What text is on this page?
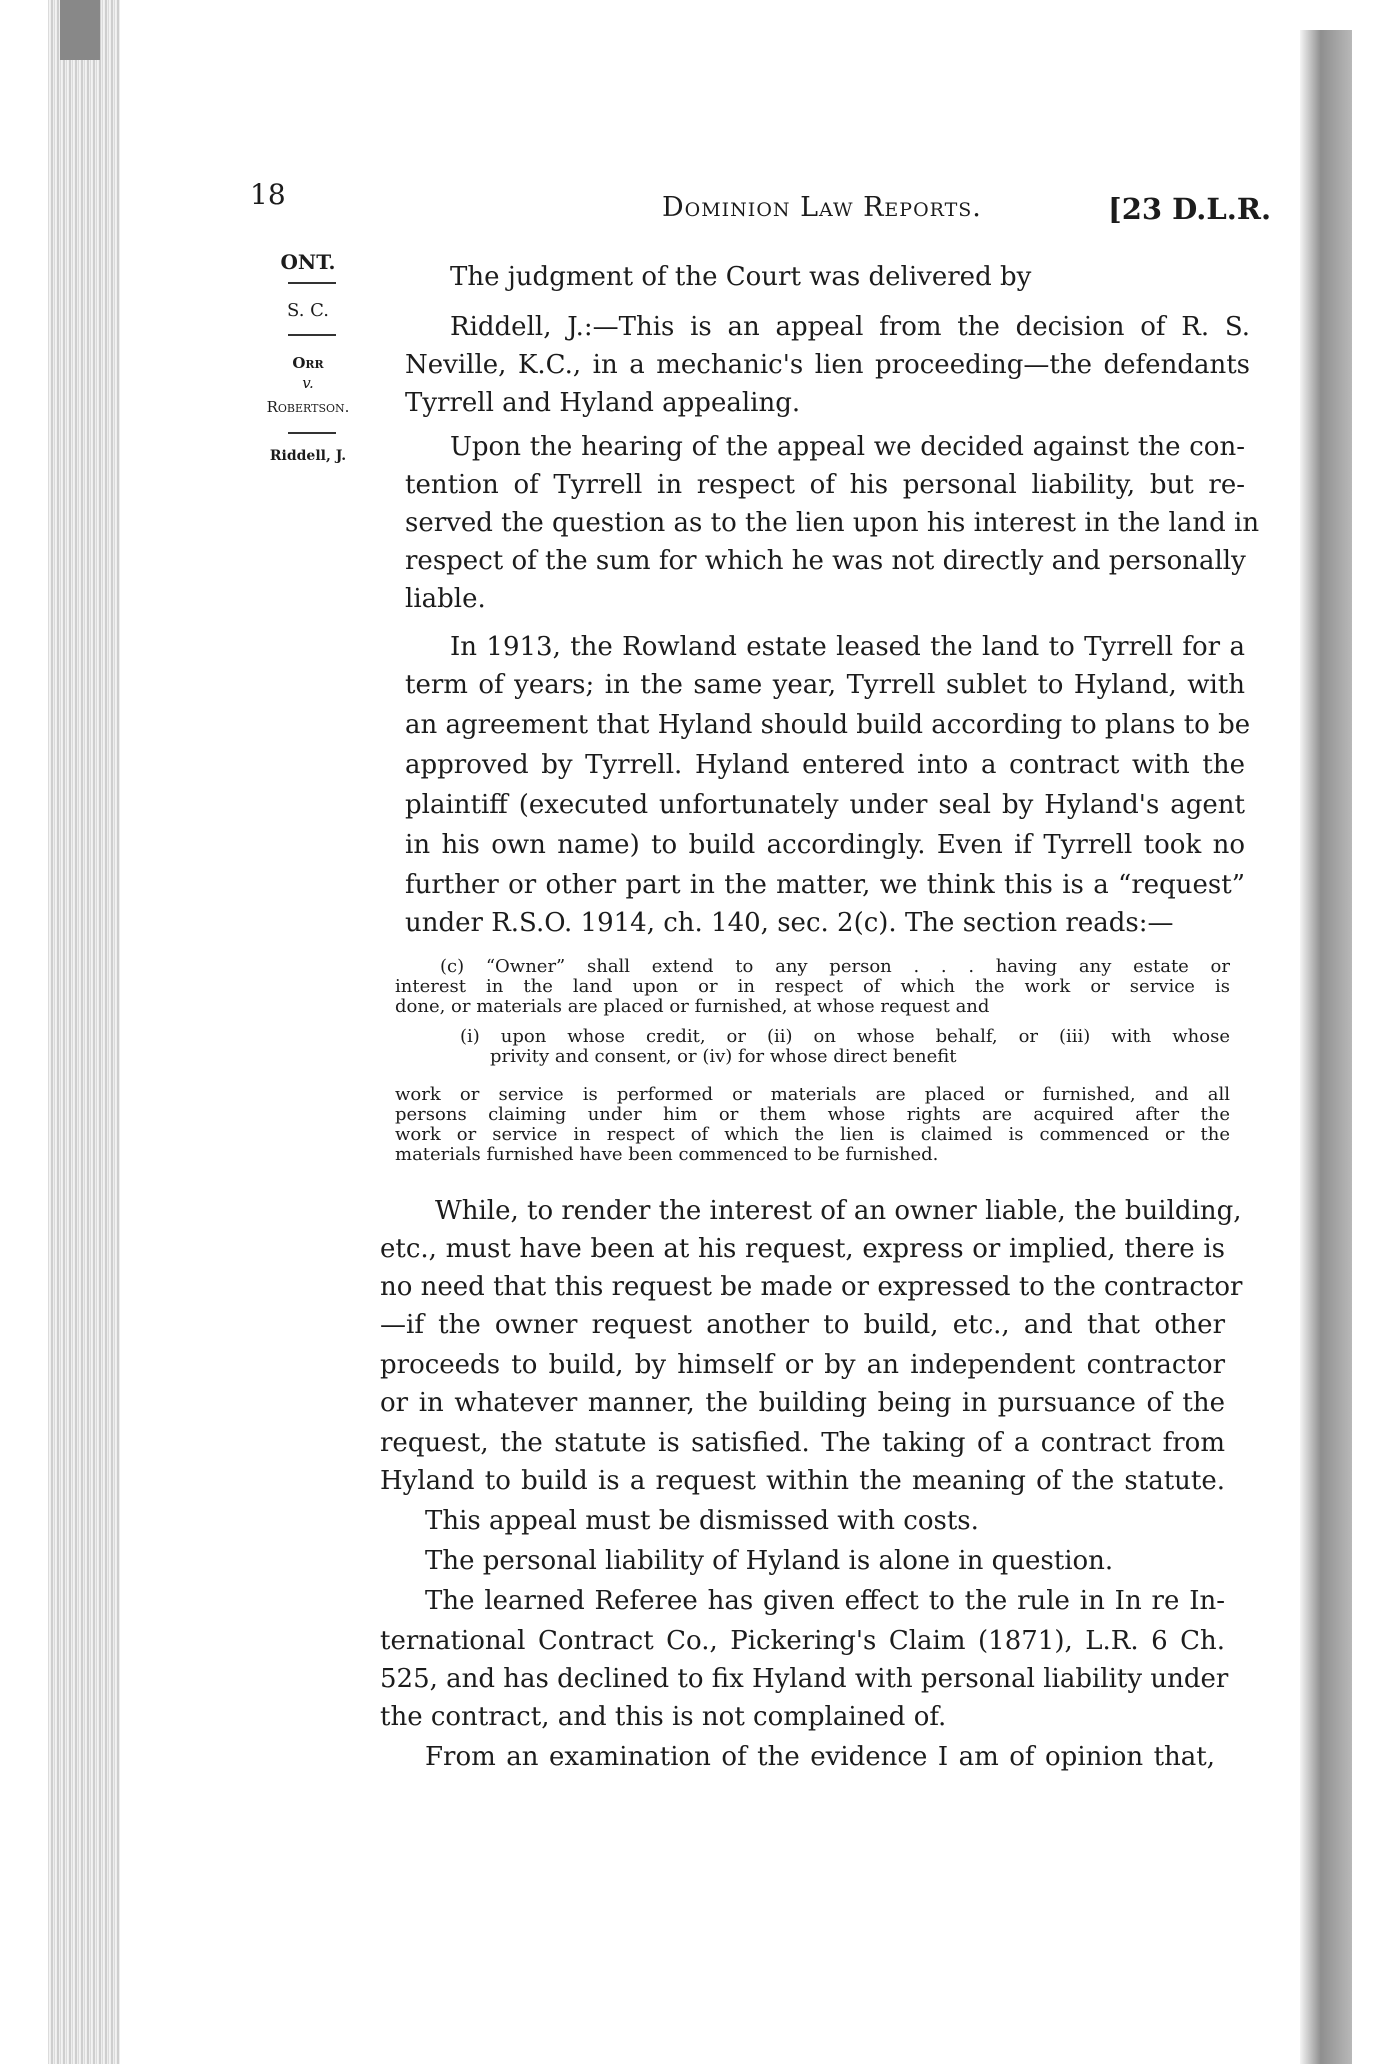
18	Dominion Law Reports.	[23 D.L.R.
ONT.
S. C.
Orr
v.
Robertson.
Riddell, J.
The judgment of the Court was delivered by
Riddell, J.:—This is an appeal from the decision of R. S.
Neville, K.C., in a mechanic's lien proceeding—the defendants
Tyrrell and Hyland appealing.
Upon the hearing of the appeal we decided against the con-
tention of Tyrrell in respect of his personal liability, but re-
served the question as to the lien upon his interest in the land in
respect of the sum for which he was not directly and personally
liable.
In 1913, the Rowland estate leased the land to Tyrrell for a
term of years; in the same year, Tyrrell sublet to Hyland, with
an agreement that Hyland should build according to plans to be
approved by Tyrrell. Hyland entered into a contract with the
plaintiff (executed unfortunately under seal by Hyland's agent
in his own name) to build accordingly. Even if Tyrrell took no
further or other part in the matter, we think this is a “request”
under R.S.O. 1914, ch. 140, sec. 2(c). The section reads:—
(c) “Owner” shall extend to any person . . . having any estate or
interest in the land upon or in respect of which the work or service is
done, or materials are placed or furnished, at whose request and
(i) upon whose credit, or (ii) on whose behalf, or (iii) with whose
privity and consent, or (iv) for whose direct benefit
work or service is performed or materials are placed or furnished, and all
persons claiming under him or them whose rights are acquired after the
work or service in respect of which the lien is claimed is commenced or the
materials furnished have been commenced to be furnished.
While, to render the interest of an owner liable, the building,
etc., must have been at his request, express or implied, there is
no need that this request be made or expressed to the contractor
—if the owner request another to build, etc., and that other
proceeds to build, by himself or by an independent contractor
or in whatever manner, the building being in pursuance of the
request, the statute is satisfied. The taking of a contract from
Hyland to build is a request within the meaning of the statute.
This appeal must be dismissed with costs.
The personal liability of Hyland is alone in question.
The learned Referee has given effect to the rule in In re In-
ternational Contract Co., Pickering's Claim (1871), L.R. 6 Ch.
525, and has declined to fix Hyland with personal liability under
the contract, and this is not complained of.
From an examination of the evidence I am of opinion that,
